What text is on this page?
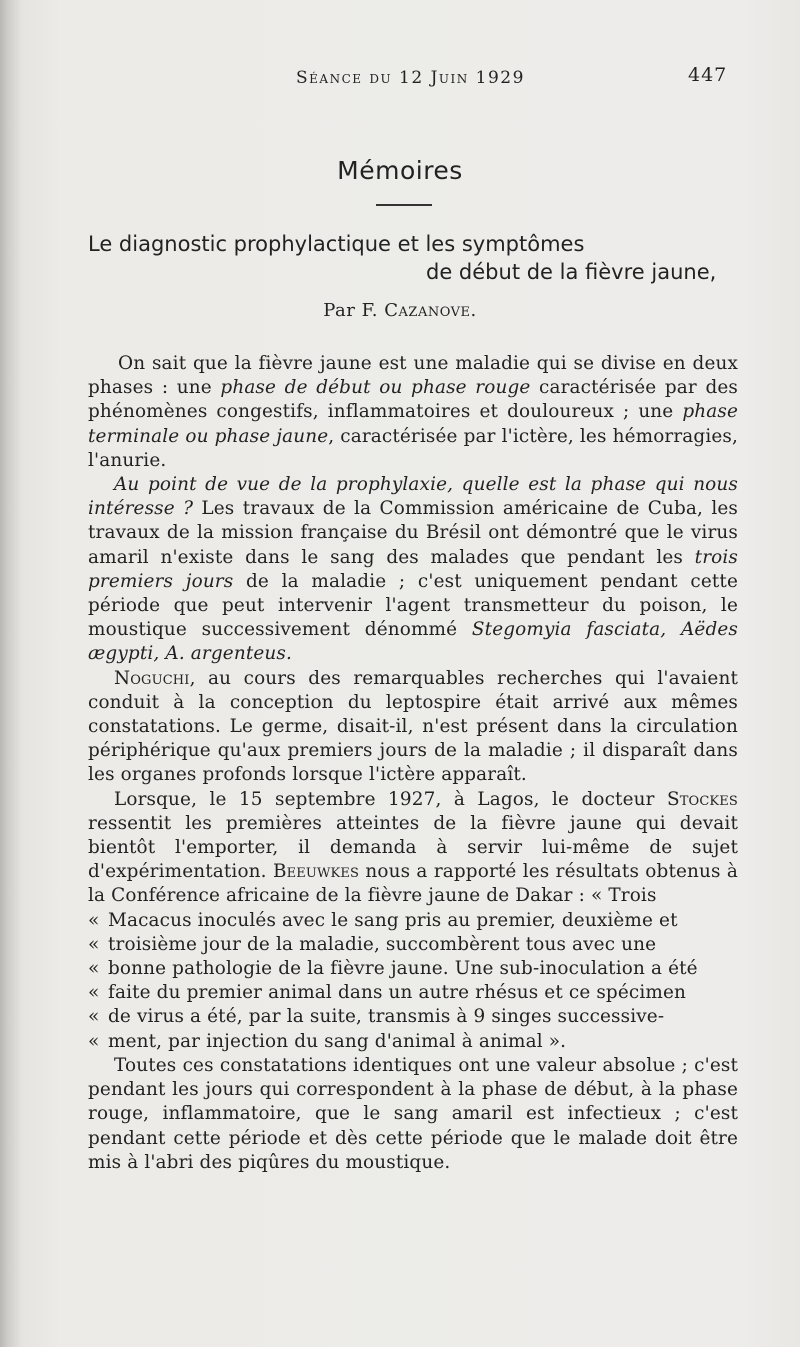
Séance du 12 Juin 1929	447
Mémoires
Le diagnostic prophylactique et les symptômes
de début de la fièvre jaune,
Par F. Cazanove.

On sait que la fièvre jaune est une maladie qui se divise en deux phases : une phase de début ou phase rouge caractérisée par des phénomènes congestifs, inflammatoires et douloureux ; une phase terminale ou phase jaune, caractérisée par l'ictère, les hémorragies, l'anurie.

Au point de vue de la prophylaxie, quelle est la phase qui nous intéresse ? Les travaux de la Commission américaine de Cuba, les travaux de la mission française du Brésil ont démontré que le virus amaril n'existe dans le sang des malades que pendant les trois premiers jours de la maladie ; c'est uniquement pendant cette période que peut intervenir l'agent transmetteur du poison, le moustique successivement dénommé Stegomyia fasciata, Aëdes ægypti, A. argenteus.

Noguchi, au cours des remarquables recherches qui l'avaient conduit à la conception du leptospire était arrivé aux mêmes constatations. Le germe, disait-il, n'est présent dans la circulation périphérique qu'aux premiers jours de la maladie ; il disparaît dans les organes profonds lorsque l'ictère apparaît.

Lorsque, le 15 septembre 1927, à Lagos, le docteur Stockes ressentit les premières atteintes de la fièvre jaune qui devait bientôt l'emporter, il demanda à servir lui-même de sujet d'expérimentation. Beeuwkes nous a rapporté les résultats obtenus à la Conférence africaine de la fièvre jaune de Dakar : « Trois

« Macacus inoculés avec le sang pris au premier, deuxième et
« troisième jour de la maladie, succombèrent tous avec une
« bonne pathologie de la fièvre jaune. Une sub-inoculation a été
« faite du premier animal dans un autre rhésus et ce spécimen
« de virus a été, par la suite, transmis à 9 singes successive-
« ment, par injection du sang d'animal à animal ».

Toutes ces constatations identiques ont une valeur absolue ; c'est pendant les jours qui correspondent à la phase de début, à la phase rouge, inflammatoire, que le sang amaril est infectieux ; c'est pendant cette période et dès cette période que le malade doit être mis à l'abri des piqûres du moustique.
